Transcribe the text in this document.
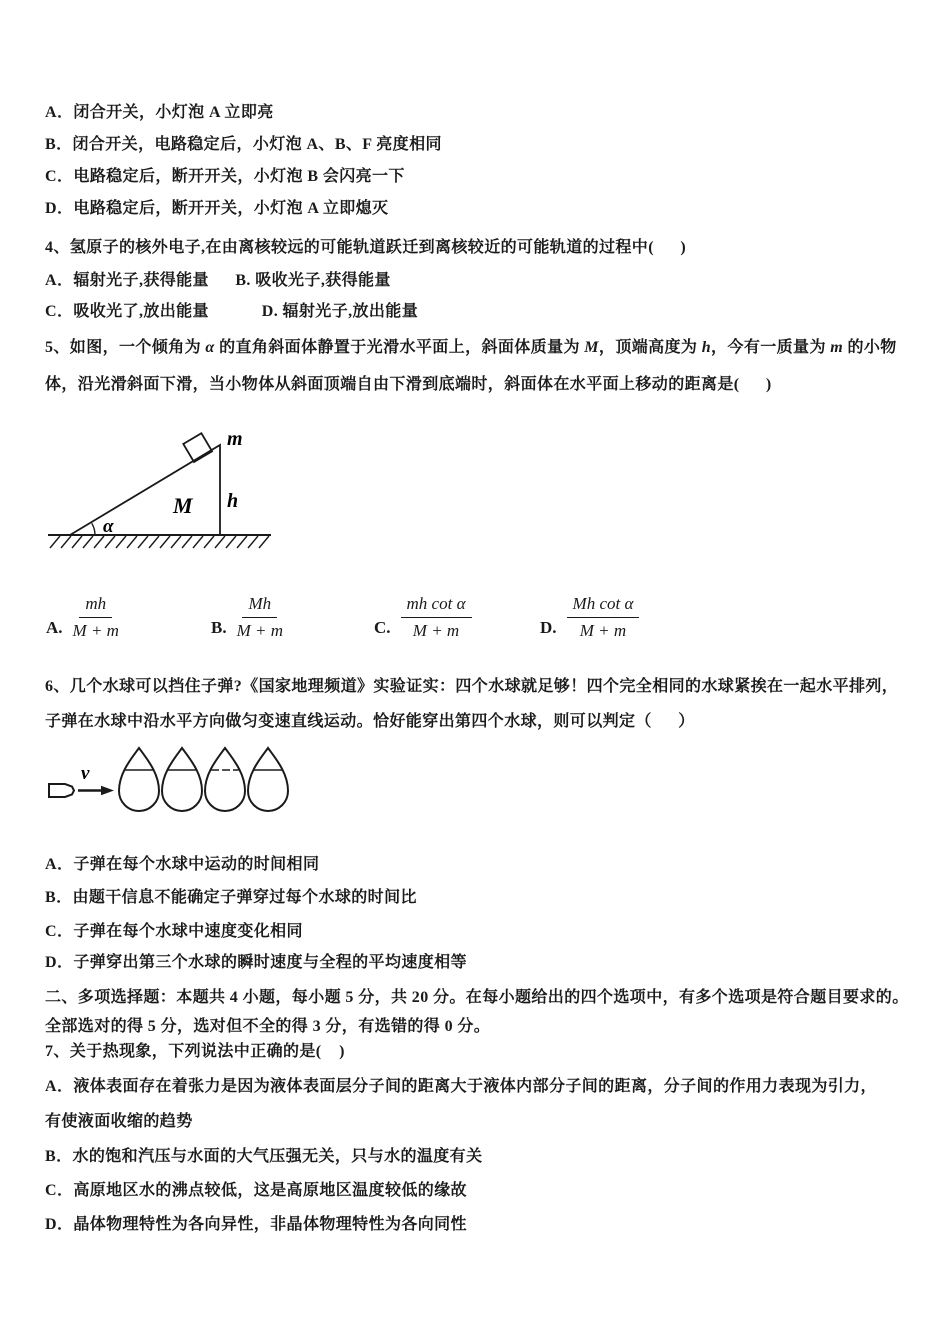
A．闭合开关，小灯泡 A 立即亮
B．闭合开关，电路稳定后，小灯泡 A、B、F 亮度相同
C．电路稳定后，断开开关，小灯泡 B 会闪亮一下
D．电路稳定后，断开开关，小灯泡 A 立即熄灭
4、氢原子的核外电子,在由离核较远的可能轨道跃迁到离核较近的可能轨道的过程中(      )
A．辐射光子,获得能量      B. 吸收光子,获得能量
C．吸收光了,放出能量            D. 辐射光子,放出能量
5、如图，一个倾角为 α 的直角斜面体静置于光滑水平面上，斜面体质量为 M，顶端高度为 h，今有一质量为 m 的小物
体，沿光滑斜面下滑，当小物体从斜面顶端自由下滑到底端时，斜面体在水平面上移动的距离是(      )
m
h
M
α
A. $\frac{mh}{M + m}$	B. $\frac{Mh}{M + m}$	C. $\frac{\text{mh cot α}}{M + m}$	D. $\frac{\text{Mh cot α}}{M + m}$
6、几个水球可以挡住子弹?《国家地理频道》实验证实：四个水球就足够！四个完全相同的水球紧挨在一起水平排列，
子弹在水球中沿水平方向做匀变速直线运动。恰好能穿出第四个水球，则可以判定（      ）
v
A．子弹在每个水球中运动的时间相同
B．由题干信息不能确定子弹穿过每个水球的时间比
C．子弹在每个水球中速度变化相同
D．子弹穿出第三个水球的瞬时速度与全程的平均速度相等
二、多项选择题：本题共 4 小题，每小题 5 分，共 20 分。在每小题给出的四个选项中，有多个选项是符合题目要求的。
全部选对的得 5 分，选对但不全的得 3 分，有选错的得 0 分。
7、关于热现象，下列说法中正确的是(    )
A．液体表面存在着张力是因为液体表面层分子间的距离大于液体内部分子间的距离，分子间的作用力表现为引力，
有使液面收缩的趋势
B．水的饱和汽压与水面的大气压强无关，只与水的温度有关
C．高原地区水的沸点较低，这是高原地区温度较低的缘故
D．晶体物理特性为各向异性，非晶体物理特性为各向同性
